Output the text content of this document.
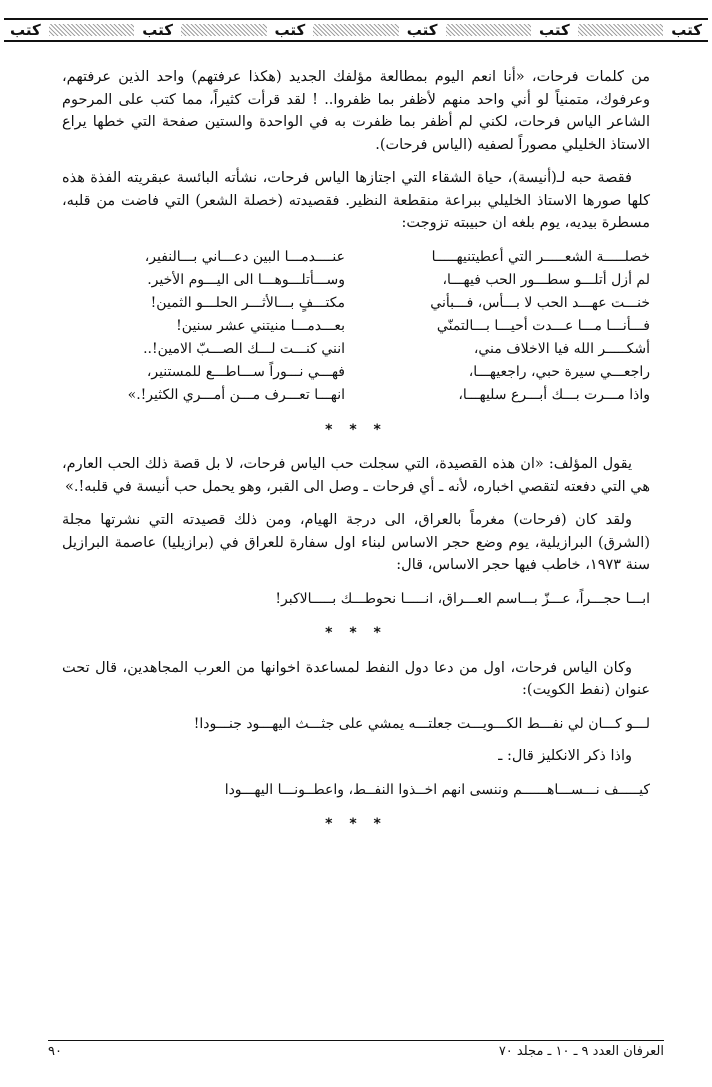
كتب
كتب
كتب
كتب
كتب
كتب

من كلمات فرحات، «أنا انعم اليوم بمطالعة مؤلفك الجديد (هكذا عرفتهم) واحد الذين عرفتهم، وعرفوك، متمنياً لو أني واحد منهم لأظفر بما ظفروا.. ! لقد قرأت كثيراً، مما كتب على المرحوم الشاعر الياس فرحات، لكني لم أظفر بما ظفرت به في الواحدة والستين صفحة التي خطها يراع الاستاذ الخليلي مصوراً لصفيه (الياس فرحات).

فقصة حبه لـ(أنيسة)، حياة الشقاء التي اجتازها الياس فرحات، نشأته البائسة عبقريته الفذة هذه كلها صورها الاستاذ الخليلي ببراعة منقطعة النظير. فقصيدته (خصلة الشعر) التي فاضت من قلبه، مسطرة بيديه، يوم بلغه ان حبيبته تزوجت:

خصلـــــة الشعـــــر التي أعطيتنيهـــــا
عنــــدمـــا البين دعـــاني بـــالنفير،
لم أزل أتلـــو سطـــور الحب فيهـــا،
وســـأتلـــوهـــا الى اليـــوم الأخير.
خنـــت عهـــد الحب لا بـــأس، فـــبأني
مكتـــفٍ بـــالأثـــر الحلـــو الثمين!
فـــأنـــا مـــا عـــدت أحيـــا بـــالتمنّي
بعـــدمـــا منيتني عشر سنين!
أشكـــــر الله فيا الاخلاف مني،
انني كنـــت لـــك الصـــبّ الامين!..
راجعـــي سيرة حبي، راجعيهـــا،
فهـــي نـــوراً ســـاطـــع للمستنير،
واذا مـــرت بـــك أبـــرع سليهـــا،
انهـــا تعـــرف مـــن أمـــري الكثير!.»
* * *

يقول المؤلف: «ان هذه القصيدة، التي سجلت حب الياس فرحات، لا بل قصة ذلك الحب العارم، هي التي دفعته لتقصي اخباره، لأنه ـ أي فرحات ـ وصل الى القبر، وهو يحمل حب أنيسة في قلبه!.»

ولقد كان (فرحات) مغرماً بالعراق، الى درجة الهيام، ومن ذلك قصيدته التي نشرتها مجلة (الشرق) البرازيلية، يوم وضع حجر الاساس لبناء اول سفارة للعراق في (برازيليا) عاصمة البرازيل سنة ١٩٧٣، خاطب فيها حجر الاساس، قال:

ابـــا حجـــراً، عـــزّ بـــاسم العـــراق، انـــــا نحوطـــك بـــــالاكبر!
* * *

وكان الياس فرحات، اول من دعا دول النفط لمساعدة اخوانها من العرب المجاهدين، قال تحت عنوان (نفط الكويت):

لـــو كـــان لي نفـــط الكـــويـــت جعلتـــه يمشي على جثـــث اليهـــود جنـــودا!

واذا ذكر الانكليز قال: ـ

كيـــــف نـــســـاهــــــم وننسى انهم اخــذوا النفــط، واعطــونـــا اليهـــودا
* * *
٩٠	العرفان العدد ٩ ـ ١٠ ـ مجلد ٧٠
